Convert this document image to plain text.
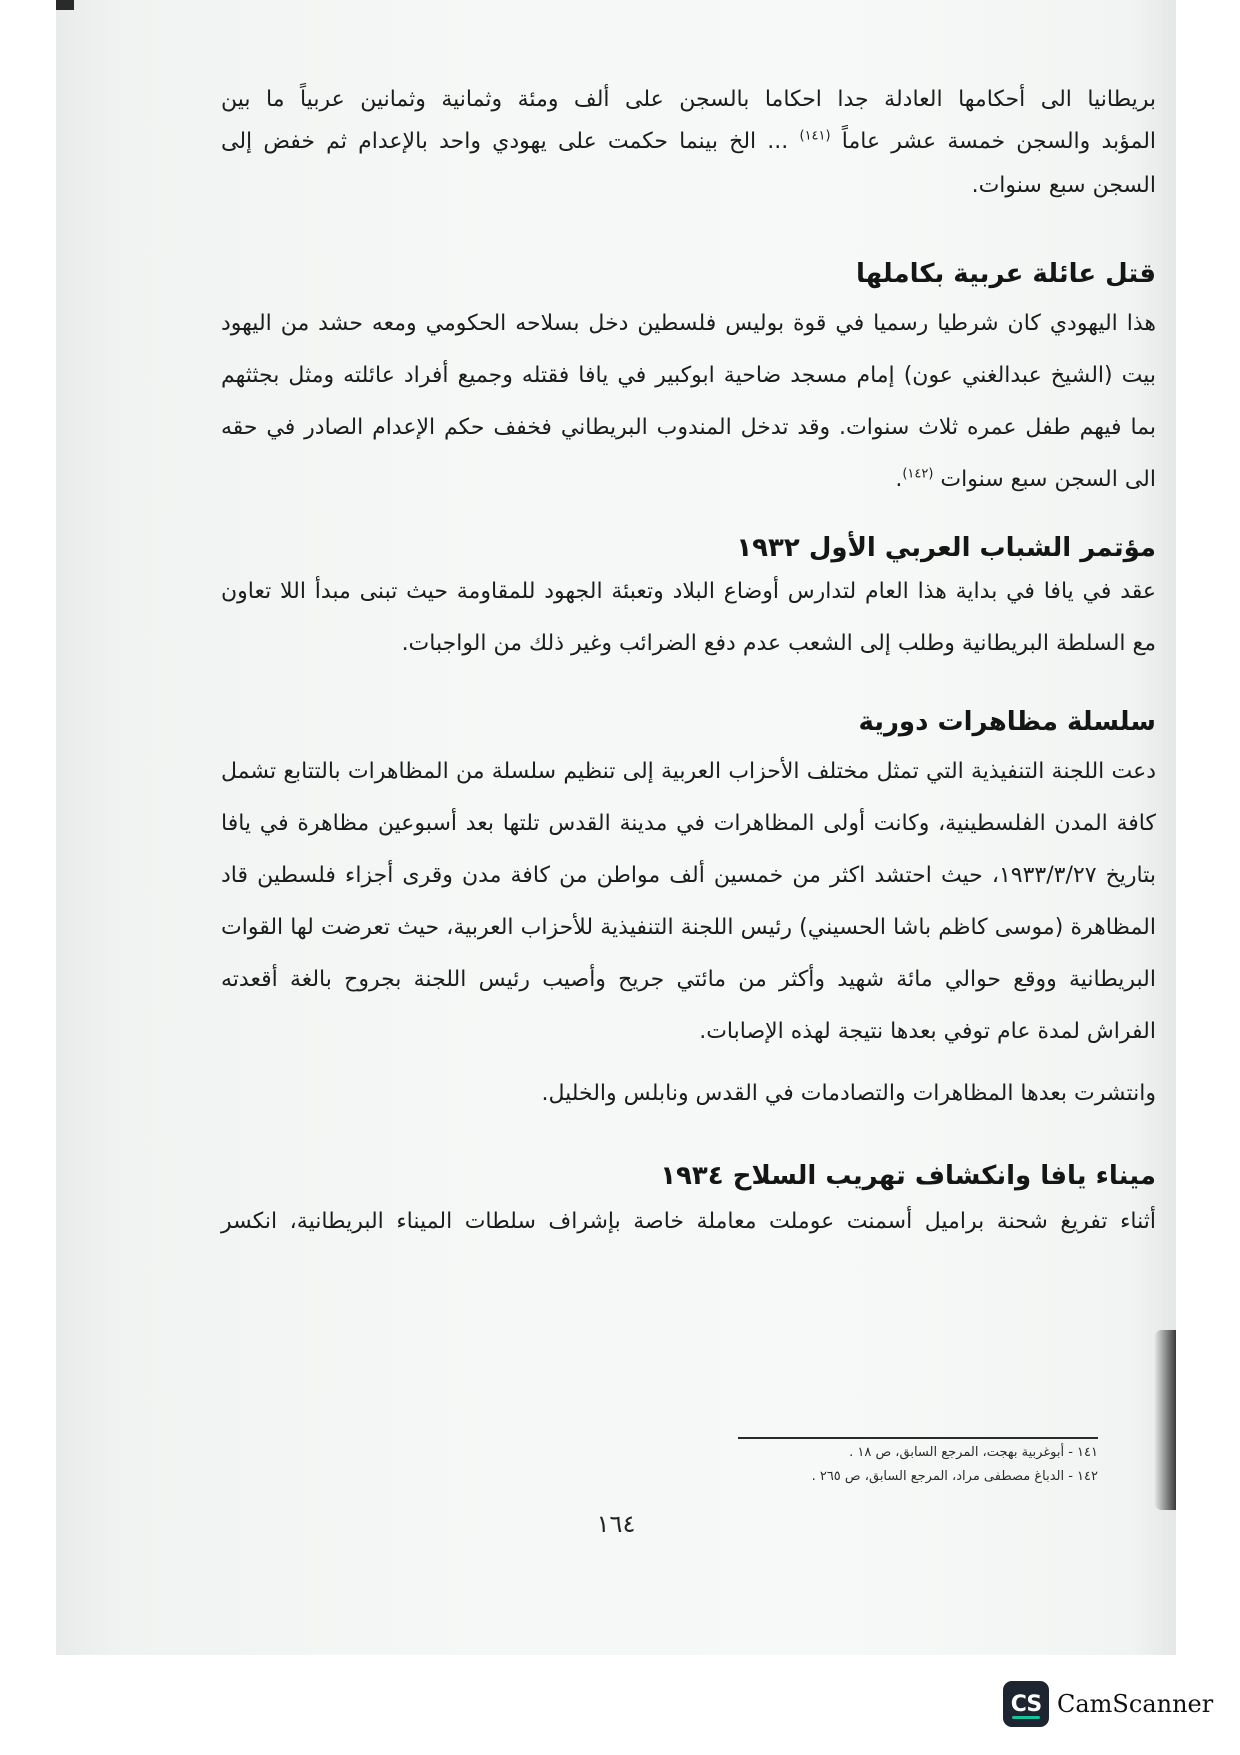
بريطانيا الى أحكامها العادلة جدا احكاما بالسجن على ألف ومئة وثمانية وثمانين عربياً ما بين
المؤبد والسجن خمسة عشر عاماً $^{(١٤١)}$ ... الخ بينما حكمت على يهودي واحد بالإعدام ثم خفض إلى
السجن سبع سنوات.
قتل عائلة عربية بكاملها
هذا اليهودي كان شرطيا رسميا في قوة بوليس فلسطين دخل بسلاحه الحكومي ومعه حشد من اليهود بيت (الشيخ عبدالغني عون) إمام مسجد ضاحية ابوكبير في يافا فقتله وجميع أفراد عائلته ومثل بجثثهم بما فيهم طفل عمره ثلاث سنوات. وقد تدخل المندوب البريطاني فخفف حكم الإعدام الصادر في حقه الى السجن سبع سنوات $^{(١٤٢)}$.
مؤتمر الشباب العربي الأول ١٩٣٢
عقد في يافا في بداية هذا العام لتدارس أوضاع البلاد وتعبئة الجهود للمقاومة حيث تبنى مبدأ اللا تعاون مع السلطة البريطانية وطلب إلى الشعب عدم دفع الضرائب وغير ذلك من الواجبات.
سلسلة مظاهرات دورية
دعت اللجنة التنفيذية التي تمثل مختلف الأحزاب العربية إلى تنظيم سلسلة من المظاهرات بالتتابع تشمل كافة المدن الفلسطينية، وكانت أولى المظاهرات في مدينة القدس تلتها بعد أسبوعين مظاهرة في يافا بتاريخ ١٩٣٣/٣/٢٧، حيث احتشد اكثر من خمسين ألف مواطن من كافة مدن وقرى أجزاء فلسطين قاد المظاهرة (موسى كاظم باشا الحسيني) رئيس اللجنة التنفيذية للأحزاب العربية، حيث تعرضت لها القوات البريطانية ووقع حوالي مائة شهيد وأكثر من مائتي جريح وأصيب رئيس اللجنة بجروح بالغة أقعدته الفراش لمدة عام توفي بعدها نتيجة لهذه الإصابات.
وانتشرت بعدها المظاهرات والتصادمات في القدس ونابلس والخليل.
ميناء يافا وانكشاف تهريب السلاح ١٩٣٤
أثناء تفريغ شحنة براميل أسمنت عوملت معاملة خاصة بإشراف سلطات الميناء البريطانية، انكسر
١٤١ - أبوغربية بهجت، المرجع السابق، ص ١٨ .
١٤٢ - الدباغ مصطفى مراد، المرجع السابق، ص ٢٦٥ .
١٦٤
CS CamScanner
